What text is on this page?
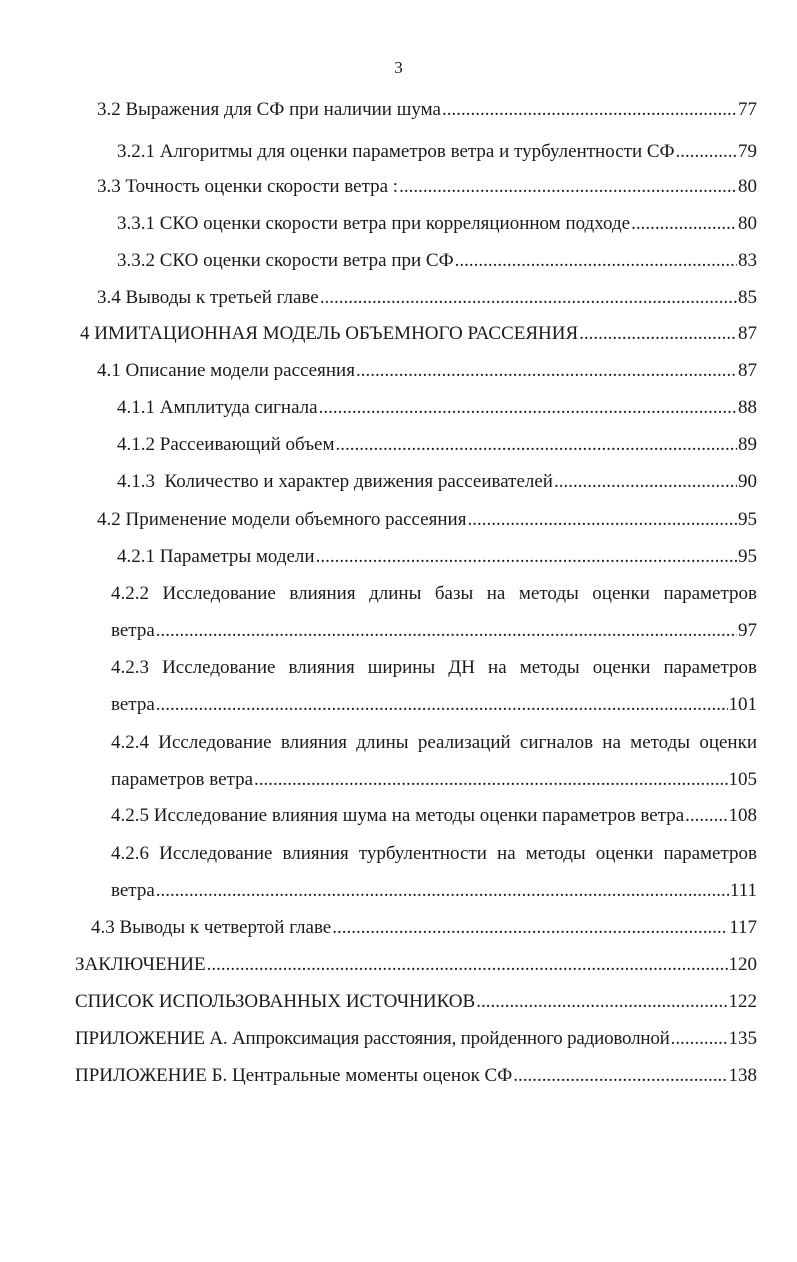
3
3.2 Выражения для СФ при наличии шума .....	77
3.2.1 Алгоритмы для оценки параметров ветра и турбулентности СФ .....	79
3.3 Точность оценки скорости ветра : .....	80
3.3.1 СКО оценки скорости ветра при корреляционном подходе .....	80
3.3.2 СКО оценки скорости ветра при СФ .....	83
3.4 Выводы к третьей главе .....	85
4 ИМИТАЦИОННАЯ МОДЕЛЬ ОБЪЕМНОГО РАССЕЯНИЯ .....	87
4.1 Описание модели рассеяния .....	87
4.1.1 Амплитуда сигнала .....	88
4.1.2 Рассеивающий объем .....	89
4.1.3  Количество и характер движения рассеивателей .....	90
4.2 Применение модели объемного рассеяния .....	95
4.2.1 Параметры модели .....	95
4.2.2 Исследование влияния длины базы на методы оценки параметров
ветра .....	97
4.2.3 Исследование влияния ширины ДН на методы оценки параметров
ветра .....	101
4.2.4 Исследование влияния длины реализаций сигналов на методы оценки
параметров ветра .....	105
4.2.5 Исследование влияния шума на методы оценки параметров ветра ..... 108
4.2.6 Исследование влияния турбулентности на методы оценки параметров
ветра .....	111
4.3 Выводы к четвертой главе .....	117
ЗАКЛЮЧЕНИЕ .....	120
СПИСОК ИСПОЛЬЗОВАННЫХ ИСТОЧНИКОВ .....	122
ПРИЛОЖЕНИЕ А. Аппроксимация расстояния, пройденного радиоволной .....	135
ПРИЛОЖЕНИЕ Б. Центральные моменты оценок СФ .....	138
